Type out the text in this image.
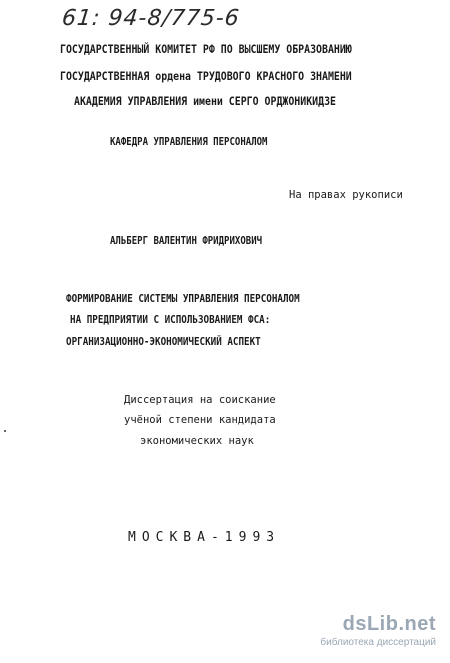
61: 94-8/775-6
ГОСУДАРСТВЕННЫЙ КОМИТЕТ РФ ПО ВЫСШЕМУ ОБРАЗОВАНИЮ
ГОСУДАРСТВЕННАЯ ордена ТРУДОВОГО КРАСНОГО ЗНАМЕНИ
АКАДЕМИЯ УПРАВЛЕНИЯ имени СЕРГО ОРДЖОНИКИДЗЕ
КАФЕДРА УПРАВЛЕНИЯ ПЕРСОНАЛОМ
На правах рукописи
АЛЬБЕРГ ВАЛЕНТИН ФРИДРИХОВИЧ
ФОРМИРОВАНИЕ СИСТЕМЫ УПРАВЛЕНИЯ ПЕРСОНАЛОМ
НА ПРЕДПРИЯТИИ С ИСПОЛЬЗОВАНИЕМ ФСА:
ОРГАНИЗАЦИОННО-ЭКОНОМИЧЕСКИЙ АСПЕКТ
Диссертация на соискание
учёной степени кандидата
экономических наук
МОСКВА-1993
dsLib.net
библиотека диссертаций
